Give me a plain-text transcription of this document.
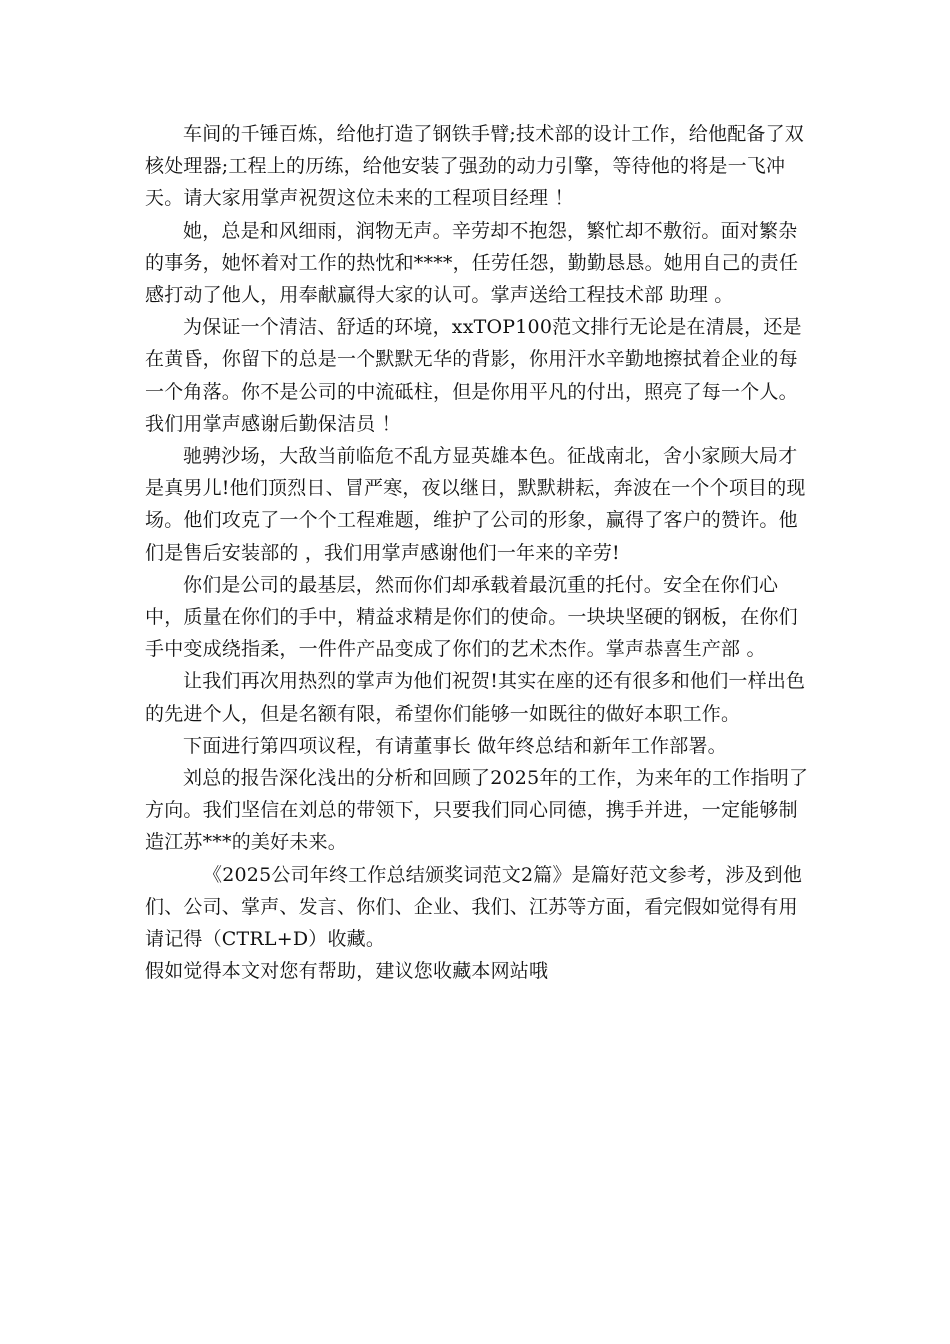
车间的千锤百炼，给他打造了钢铁手臂;技术部的设计工作，给他配备了双核处理器;工程上的历练，给他安装了强劲的动力引擎，等待他的将是一飞冲天。请大家用掌声祝贺这位未来的工程项目经理 ！

她，总是和风细雨，润物无声。辛劳却不抱怨，繁忙却不敷衍。面对繁杂的事务，她怀着对工作的热忱和****，任劳任怨，勤勤恳恳。她用自己的责任感打动了他人，用奉献赢得大家的认可。掌声送给工程技术部 助理 。

为保证一个清洁、舒适的环境，xxTOP100范文排行无论是在清晨，还是在黄昏，你留下的总是一个默默无华的背影，你用汗水辛勤地擦拭着企业的每一个角落。你不是公司的中流砥柱，但是你用平凡的付出，照亮了每一个人。我们用掌声感谢后勤保洁员 ！

驰骋沙场，大敌当前临危不乱方显英雄本色。征战南北，舍小家顾大局才是真男儿!他们顶烈日、冒严寒，夜以继日，默默耕耘，奔波在一个个项目的现场。他们攻克了一个个工程难题，维护了公司的形象，赢得了客户的赞许。他们是售后安装部的 ，我们用掌声感谢他们一年来的辛劳!

你们是公司的最基层，然而你们却承载着最沉重的托付。安全在你们心中，质量在你们的手中，精益求精是你们的使命。一块块坚硬的钢板，在你们手中变成绕指柔，一件件产品变成了你们的艺术杰作。掌声恭喜生产部 。

让我们再次用热烈的掌声为他们祝贺!其实在座的还有很多和他们一样出色的先进个人，但是名额有限，希望你们能够一如既往的做好本职工作。

下面进行第四项议程，有请董事长 做年终总结和新年工作部署。

刘总的报告深化浅出的分析和回顾了2025年的工作，为来年的工作指明了方向。我们坚信在刘总的带领下，只要我们同心同德，携手并进，一定能够制造江苏***的美好未来。

《2025公司年终工作总结颁奖词范文2篇》是篇好范文参考，涉及到他们、公司、掌声、发言、你们、企业、我们、江苏等方面，看完假如觉得有用请记得（CTRL+D）收藏。

假如觉得本文对您有帮助，建议您收藏本网站哦
